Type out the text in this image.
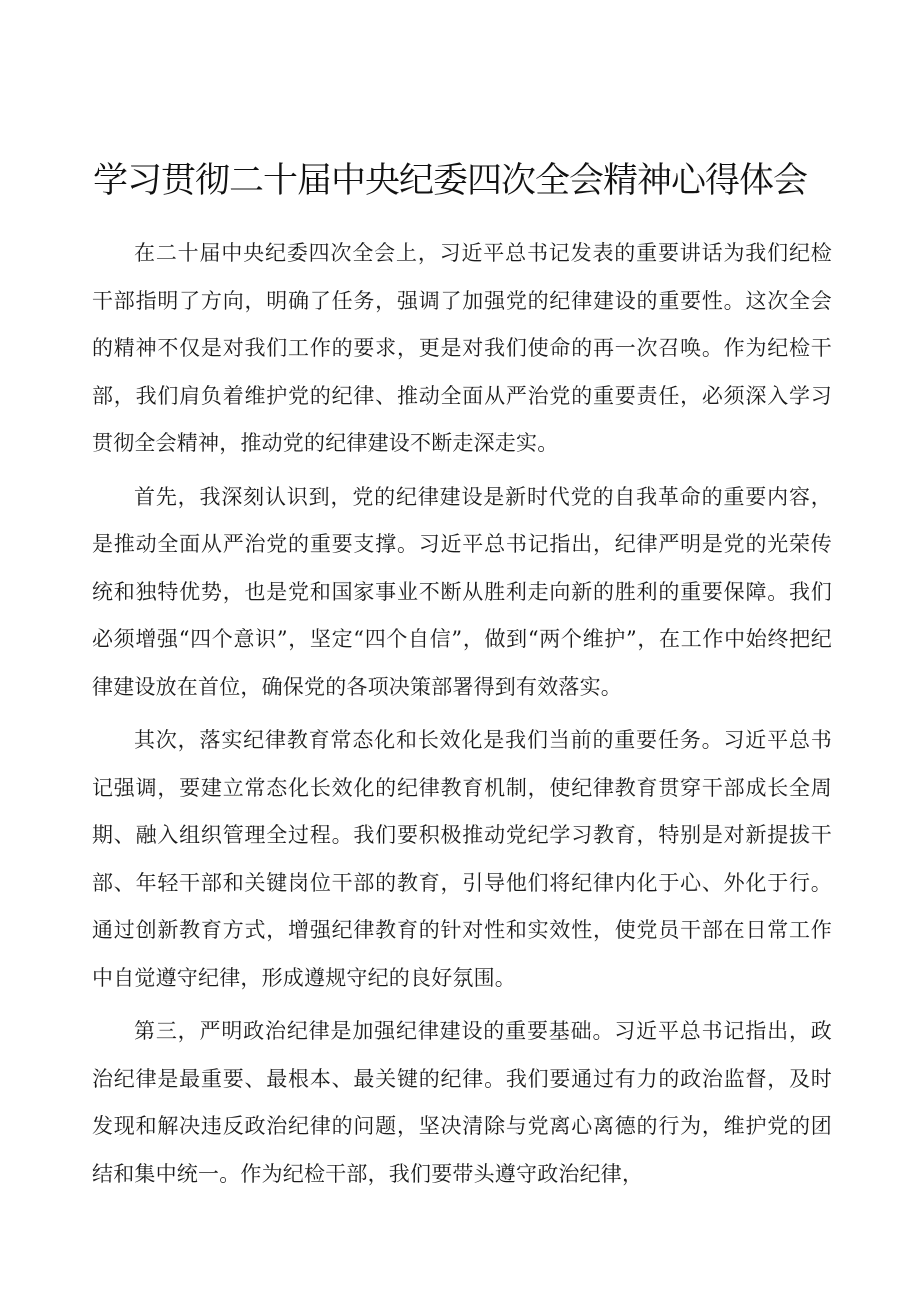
学习贯彻二十届中央纪委四次全会精神心得体会

在二十届中央纪委四次全会上，习近平总书记发表的重要讲话为我们纪检干部指明了方向，明确了任务，强调了加强党的纪律建设的重要性。这次全会的精神不仅是对我们工作的要求，更是对我们使命的再一次召唤。作为纪检干部，我们肩负着维护党的纪律、推动全面从严治党的重要责任，必须深入学习贯彻全会精神，推动党的纪律建设不断走深走实。

首先，我深刻认识到，党的纪律建设是新时代党的自我革命的重要内容，是推动全面从严治党的重要支撑。习近平总书记指出，纪律严明是党的光荣传统和独特优势，也是党和国家事业不断从胜利走向新的胜利的重要保障。我们必须增强“四个意识”，坚定“四个自信”，做到“两个维护”，在工作中始终把纪律建设放在首位，确保党的各项决策部署得到有效落实。

其次，落实纪律教育常态化和长效化是我们当前的重要任务。习近平总书记强调，要建立常态化长效化的纪律教育机制，使纪律教育贯穿干部成长全周期、融入组织管理全过程。我们要积极推动党纪学习教育，特别是对新提拔干部、年轻干部和关键岗位干部的教育，引导他们将纪律内化于心、外化于行。通过创新教育方式，增强纪律教育的针对性和实效性，使党员干部在日常工作中自觉遵守纪律，形成遵规守纪的良好氛围。

第三，严明政治纪律是加强纪律建设的重要基础。习近平总书记指出，政治纪律是最重要、最根本、最关键的纪律。我们要通过有力的政治监督，及时发现和解决违反政治纪律的问题，坚决清除与党离心离德的行为，维护党的团结和集中统一。作为纪检干部，我们要带头遵守政治纪律，
